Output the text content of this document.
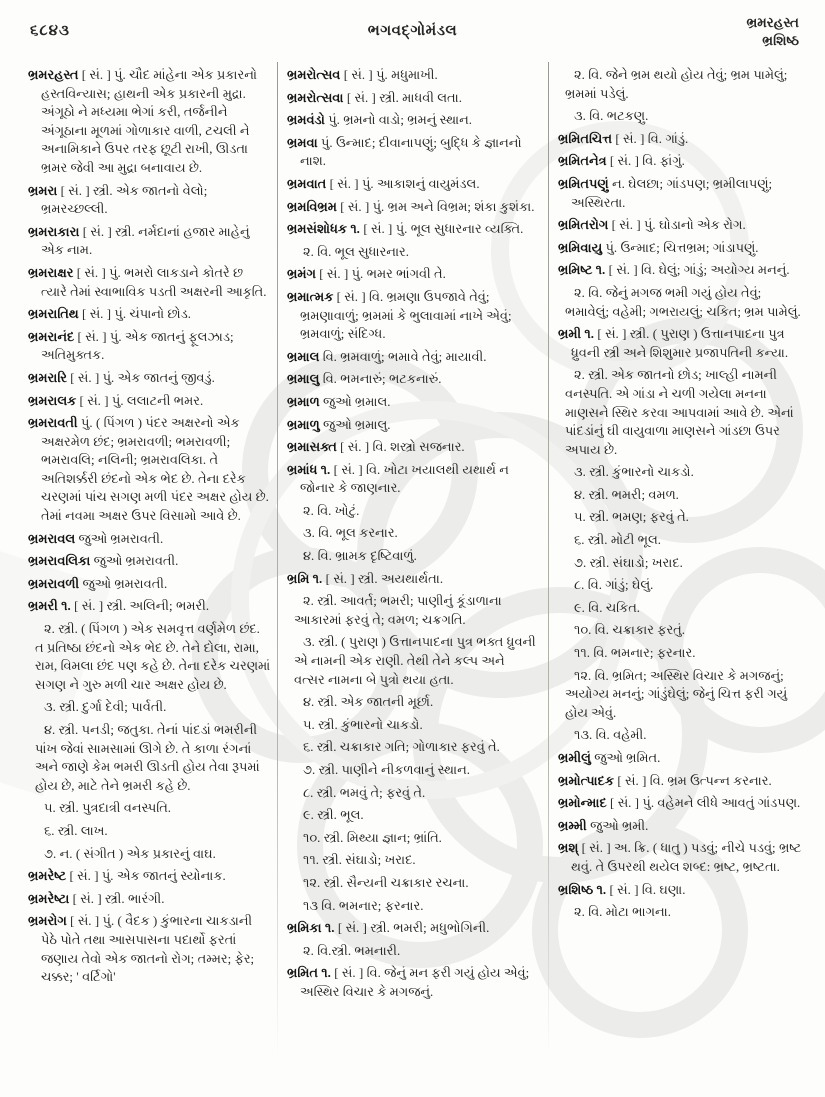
૬૮૪૩	ભગવદ્ગોમંડલ
ભ્રમરહસ્ત
ભ્રશિષ્ઠ

ભ્રમરહસ્ત [ સં. ] પું. ચૌદ માંહેના એક પ્રકારનો હસ્તવિન્યાસ; હાથની એક પ્રકારની મુદ્રા. અંગૂઠો ને મધ્યમા ભેગાં કરી, તર્જનીને અંગૂઠાના મૂળમાં ગોળાકાર વાળી, ટચલી ને અનામિકાને ઉપર તરફ છૂટી રાખી, ઊડતા ભ્રમર જેવી આ મુદ્રા બનાવાય છે.

ભ્રમરા [ સં. ] સ્ત્રી. એક જાતનો વેલો; ભ્રમરચ્છલ્લી.

ભ્રમરાકારા [ સં. ] સ્ત્રી. નર્મદાનાં હજાર માહેનું એક નામ.

ભ્રમરાક્ષર [ સં. ] પું. ભમરો લાકડાને કોતરે છ ત્યારે તેમાં સ્વાભાવિક પડતી અક્ષરની આકૃતિ.

ભ્રમરાતિથ [ સં. ] પું. ચંપાનો છોડ.

ભ્રમરાનંદ [ સં. ] પું. એક જાતનું ફૂલઝાડ; અતિમુક્તક.

ભ્રમરારિ [ સં. ] પું. એક જાતનું જીવડું.

ભ્રમરાલક [ સં. ] પું. લલાટની ભમર.

ભ્રમરાવતી પું. ( પિંગળ ) પંદર અક્ષરનો એક અક્ષરમેળ છંદ; ભ્રમરાવળી; ભમરાવળી; ભમરાવલિ; નલિની; ભ્રમરાવલિકા. તે અતિશર્ક્કરી છંદનો એક ભેદ છે. તેના દરેક ચરણમાં પાંચ સગણ મળી પંદર અક્ષર હોય છે. તેમાં નવમા અક્ષર ઉપર વિસામો આવે છે.

ભ્રમરાવલ જુઓ ભ્રમરાવતી.

ભ્રમરાવલિકા જુઓ ભ્રમરાવતી.

ભ્રમરાવળી જુઓ ભ્રમરાવતી.

ભ્રમરી ૧. [ સં. ] સ્ત્રી. અલિની; ભમરી.

૨. સ્ત્રી. ( પિંગળ ) એક સમવૃત્ત વર્ણમેળ છંદ. ત પ્રતિષ્ઠા છંદનો એક ભેદ છે. તેને દોલા, રામા, રામ, વિમલા છંદ પણ કહે છે. તેના દરેક ચરણમાં સગણ ને ગુરુ મળી ચાર અક્ષર હોય છે.

૩. સ્ત્રી. દુર્ગા દેવી; પાર્વતી.

૪. સ્ત્રી. પનડી; જતુકા. તેનાં પાંદડાં ભમરીની પાંખ જેવાં સામસામાં ઊગે છે. તે કાળા રંગનાં અને જાણે કેમ ભમરી ઊડતી હોય તેવા રૂપમાં હોય છે, માટે તેને ભ્રમરી કહે છે.

૫. સ્ત્રી. પુત્રદાત્રી વનસ્પતિ.

૬. સ્ત્રી. લાખ.

૭. ન. ( સંગીત ) એક પ્રકારનું વાઘ.

ભ્રમરેષ્ટ [ સં. ] પું. એક જાતનું સ્યોનાક.

ભ્રમરેષ્ટા [ સં. ] સ્ત્રી. ભારંગી.

ભ્રમરોગ [ સં. ] પું. ( વૈદક ) કુંભારના ચાકડાની પેઠે પોતે તથા આસપાસના પદાર્થો ફરતાં જણાય તેવો એક જાતનો રોગ; તમ્મર; ફેર; ચક્કર; ' વર્ટિગો'

ભ્રમરોત્સવ [ સં. ] પું. મધુમાખી.

ભ્રમરોત્સવા [ સં. ] સ્ત્રી. માધવી લતા.

ભ્રમવંડો પું. ભ્રમનો વાડો; ભ્રમનું સ્થાન.

ભ્રમવા પું. ઉન્માદ; દીવાનાપણું; બુદ્ધિ કે જ્ઞાનનો નાશ.

ભ્રમવાત [ સં. ] પું. આકાશનું વાયુમંડલ.

ભ્રમવિભ્રમ [ સં. ] પું. ભ્રમ અને વિભ્રમ; શંકા કુશંકા.

ભ્રમસંશોધક ૧. [ સં. ] પું. ભૂલ સુધારનાર વ્યક્તિ.

૨. વિ. ભૂલ સુધારનાર.

ભ્રમંગ [ સં. ] પું. ભમર ભાંગવી તે.

ભ્રમાત્મક [ સં. ] વિ. ભ્રમણા ઉપજાવે તેવું; ભ્રમણાવાળું; ભ્રમમાં કે ભુલાવામાં નાખે એવું; ભ્રમવાળું; સંદિગ્ધ.

ભ્રમાલ વિ. ભ્રમવાળું; ભમાવે તેવું; માયાવી.

ભ્રમાલુ વિ. ભમનારું; ભટકનારું.

ભ્રમાળ જુઓ ભ્રમાલ.

ભ્રમાળુ જુઓ ભ્રમાલુ.

ભ્રમાસક્ત [ સં. ] વિ. શસ્ત્રો સજનાર.

ભ્રમાંધ ૧. [ સં. ] વિ. ખોટા ખયાલથી યથાર્થ ન જોનાર કે જાણનાર.

૨. વિ. ખોટું.

૩. વિ. ભૂલ કરનાર.

૪. વિ. ભ્રામક દૃષ્ટિવાળું.

ભ્રમિ ૧. [ સં. ] સ્ત્રી. અયથાર્થતા.

૨. સ્ત્રી. આવર્ત; ભમરી; પાણીનું કૂંડાળાના આકારમાં ફરવું તે; વમળ; ચક્રગતિ.

૩. સ્ત્રી. ( પુરાણ ) ઉત્તાનપાદના પુત્ર ભક્ત ધ્રુવની એ નામની એક રાણી. તેથી તેને કલ્પ અને વત્સર નામના બે પુત્રો થયા હતા.

૪. સ્ત્રી. એક જાતની મૂર્છા.

૫. સ્ત્રી. કુંભારનો ચાકડો.

૬. સ્ત્રી. ચક્રાકાર ગતિ; ગોળાકાર ફરવું તે.

૭. સ્ત્રી. પાણીને નીકળવાનું સ્થાન.

૮. સ્ત્રી. ભમવું તે; ફરવું તે.

૯. સ્ત્રી. ભૂલ.

૧૦. સ્ત્રી. મિથ્યા જ્ઞાન; ભ્રાંતિ.

૧૧. સ્ત્રી. સંઘાડો; ખરાદ.

૧૨. સ્ત્રી. સૈન્યની ચક્રાકાર રચના.

૧૩ વિ. ભમનાર; ફરનાર.

ભ્રમિકા ૧. [ સં. ] સ્ત્રી. ભમરી; મધુભોગિની.

૨. વિ.સ્ત્રી. ભમનારી.

ભ્રમિત ૧. [ સં. ] વિ. જેનું મન ફરી ગયું હોય એવું; અસ્થિર વિચાર કે મગજનું.

૨. વિ. જેને ભ્રમ થયો હોય તેવું; ભ્રમ પામેલું; ભ્રમમાં પડેલું.

૩. વિ. ભટકણુ.

ભ્રમિતચિત્ત [ સં. ] વિ. ગાંડું.

ભ્રમિતનેત્ર [ સં. ] વિ. ફાંગું.

ભ્રમિતપણું ન. ઘેલછા; ગાંડપણ; ભ્રમીલાપણું; અસ્થિરતા.

ભ્રમિતરોગ [ સં. ] પું. ઘોડાનો એક રોગ.

ભ્રમિવાયુ પું. ઉન્માદ; ચિત્તભ્રમ; ગાંડાપણું.

ભ્રમિષ્ટ ૧. [ સં. ] વિ. ઘેલું; ગાંડું; અયોગ્ય મનનું.

૨. વિ. જેનું મગજ ભમી ગયું હોય તેવું; ભમાવેલું; વહેમી; ગભરાયલું; ચકિત; ભ્રમ પામેલું.

ભ્રમી ૧. [ સં. ] સ્ત્રી. ( પુરાણ ) ઉત્તાનપાદના પુત્ર ધ્રુવની સ્ત્રી અને શિશુમાર પ્રજાપતિની કન્યા.

૨. સ્ત્રી. એક જાતનો છોડ; ખાલ્હી નામની વનસ્પતિ. એ ગાંડા ને ચળી ગયેલા મનના માણસને સ્થિર કરવા આપવામાં આવે છે. એનાં પાંદડાંનું ઘી વાયુવાળા માણસને ગાંડછા ઉપર અપાય છે.

૩. સ્ત્રી. કુંભારનો ચાકડો.

૪. સ્ત્રી. ભમરી; વમળ.

૫. સ્ત્રી. ભમણ; ફરવું તે.

૬. સ્ત્રી. મોટી ભૂલ.

૭. સ્ત્રી. સંઘાડો; ખરાદ.

૮. વિ. ગાંડું; ઘેલું.

૯. વિ. ચકિત.

૧૦. વિ. ચક્રાકાર ફરતું.

૧૧. વિ. ભમનાર; ફરનાર.

૧૨. વિ. ભ્રમિત; અસ્થિર વિચાર કે મગજનું; અયોગ્ય મનનું; ગાંડુંઘેલું; જેનું ચિત્ત ફરી ગયું હોય એવું.

૧૩. વિ. વહેમી.

ભ્રમીલું જુઓ ભ્રમિત.

ભ્રમોત્પાદક [ સં. ] વિ. ભ્રમ ઉત્પન્ન કરનાર.

ભ્રમોન્માદ [ સં. ] પું. વહેમને લીધે આવતું ગાંડપણ.

ભ્રમ્મી જુઓ ભ્રમી.

ભ્રશ્ [ સં. ] અ. ક્રિ. ( ધાતુ ) પડવું; નીચે પડવું; ભ્રષ્ટ થવું. તે ઉપરથી થયેલ શબ્દ: ભ્રષ્ટ, ભ્રષ્ટતા.

ભ્રશિષ્ઠ ૧. [ સં. ] વિ. ઘણા.

૨. વિ. મોટા ભાગના.
